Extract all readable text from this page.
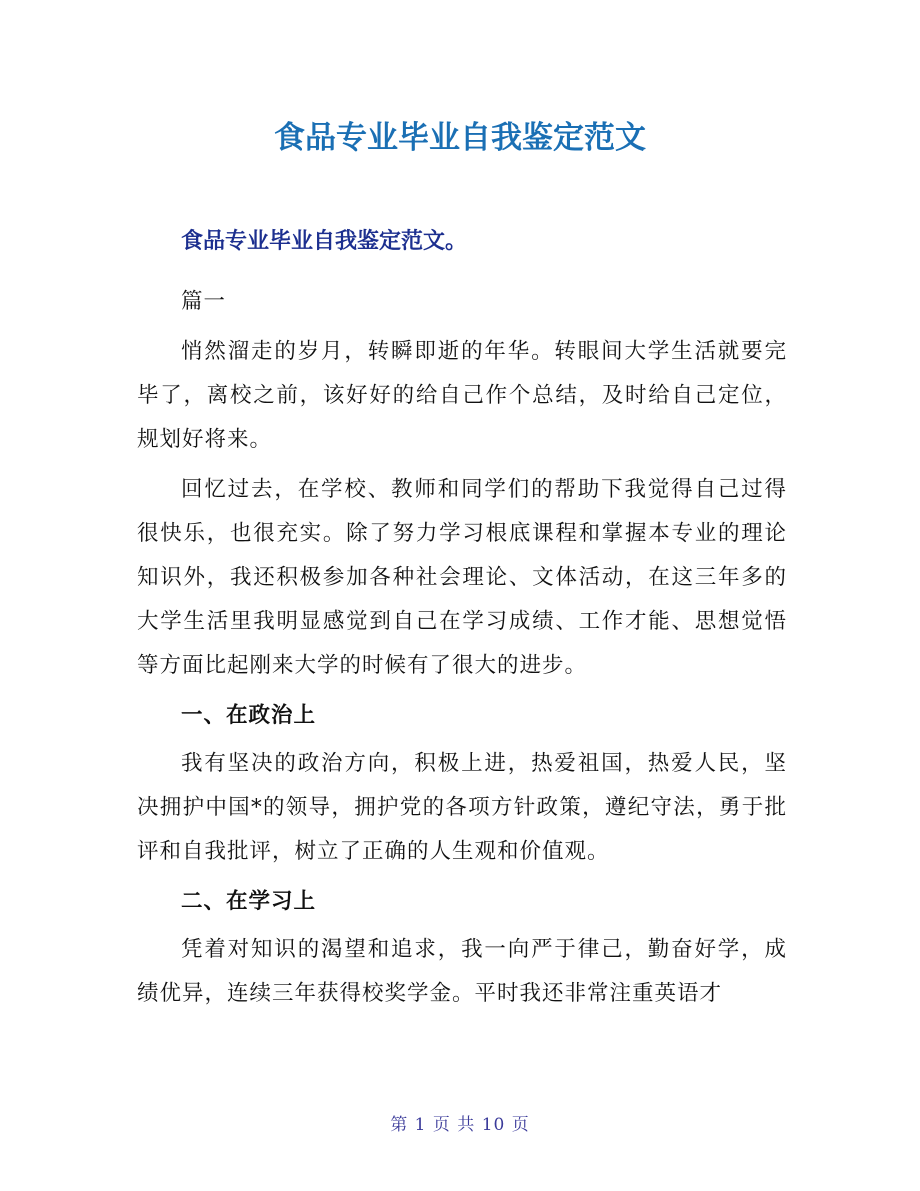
食品专业毕业自我鉴定范文

食品专业毕业自我鉴定范文。

篇一

悄然溜走的岁月，转瞬即逝的年华。转眼间大学生活就要完毕了，离校之前，该好好的给自己作个总结，及时给自己定位，规划好将来。

回忆过去，在学校、教师和同学们的帮助下我觉得自己过得很快乐，也很充实。除了努力学习根底课程和掌握本专业的理论知识外，我还积极参加各种社会理论、文体活动，在这三年多的大学生活里我明显感觉到自己在学习成绩、工作才能、思想觉悟等方面比起刚来大学的时候有了很大的进步。

一、在政治上

我有坚决的政治方向，积极上进，热爱祖国，热爱人民，坚决拥护中国*的领导，拥护党的各项方针政策，遵纪守法，勇于批评和自我批评，树立了正确的人生观和价值观。

二、在学习上

凭着对知识的渴望和追求，我一向严于律己，勤奋好学，成绩优异，连续三年获得校奖学金。平时我还非常注重英语才

第 1 页 共 10 页
